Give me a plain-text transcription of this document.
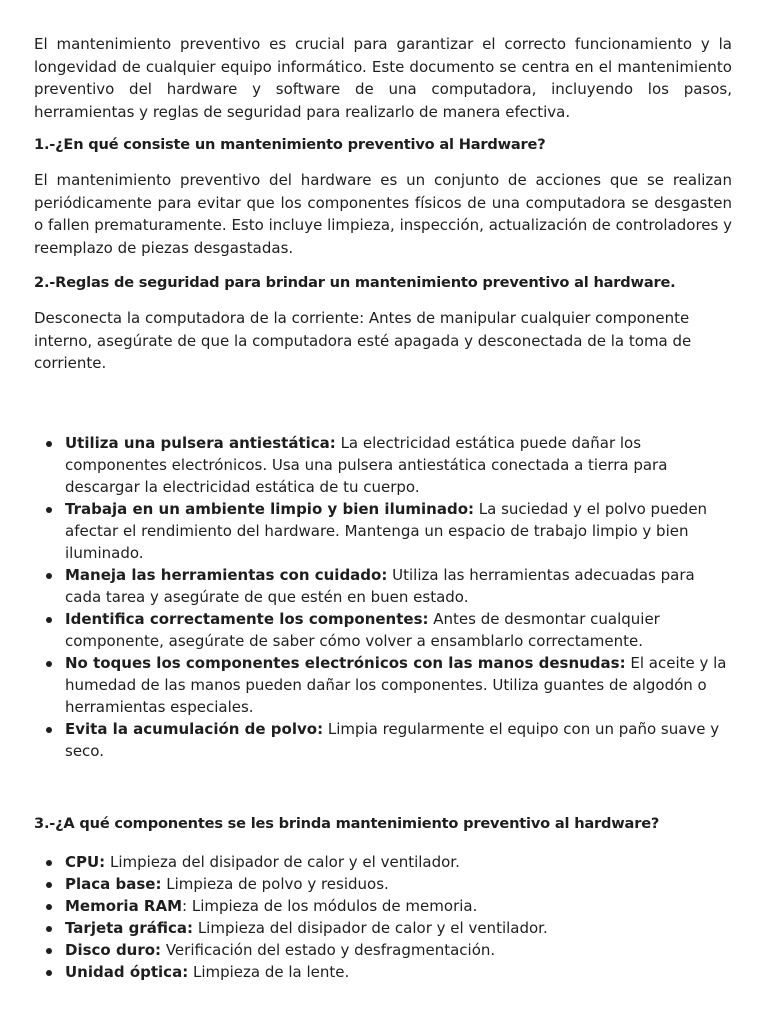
El mantenimiento preventivo es crucial para garantizar el correcto funcionamiento y la longevidad de cualquier equipo informático. Este documento se centra en el mantenimiento preventivo del hardware y software de una computadora, incluyendo los pasos, herramientas y reglas de seguridad para realizarlo de manera efectiva.

1.-¿En qué consiste un mantenimiento preventivo al Hardware?

El mantenimiento preventivo del hardware es un conjunto de acciones que se realizan periódicamente para evitar que los componentes físicos de una computadora se desgasten o fallen prematuramente. Esto incluye limpieza, inspección, actualización de controladores y reemplazo de piezas desgastadas.

2.-Reglas de seguridad para brindar un mantenimiento preventivo al hardware.

Desconecta la computadora de la corriente: Antes de manipular cualquier componente interno, asegúrate de que la computadora esté apagada y desconectada de la toma de corriente.

Utiliza una pulsera antiestática: La electricidad estática puede dañar los componentes electrónicos. Usa una pulsera antiestática conectada a tierra para descargar la electricidad estática de tu cuerpo.
Trabaja en un ambiente limpio y bien iluminado: La suciedad y el polvo pueden afectar el rendimiento del hardware. Mantenga un espacio de trabajo limpio y bien iluminado.
Maneja las herramientas con cuidado: Utiliza las herramientas adecuadas para cada tarea y asegúrate de que estén en buen estado.
Identifica correctamente los componentes: Antes de desmontar cualquier componente, asegúrate de saber cómo volver a ensamblarlo correctamente.
No toques los componentes electrónicos con las manos desnudas: El aceite y la humedad de las manos pueden dañar los componentes. Utiliza guantes de algodón o herramientas especiales.
Evita la acumulación de polvo: Limpia regularmente el equipo con un paño suave y seco.

3.-¿A qué componentes se les brinda mantenimiento preventivo al hardware?

CPU: Limpieza del disipador de calor y el ventilador.
Placa base: Limpieza de polvo y residuos.
Memoria RAM: Limpieza de los módulos de memoria.
Tarjeta gráfica: Limpieza del disipador de calor y el ventilador.
Disco duro: Verificación del estado y desfragmentación.
Unidad óptica: Limpieza de la lente.
